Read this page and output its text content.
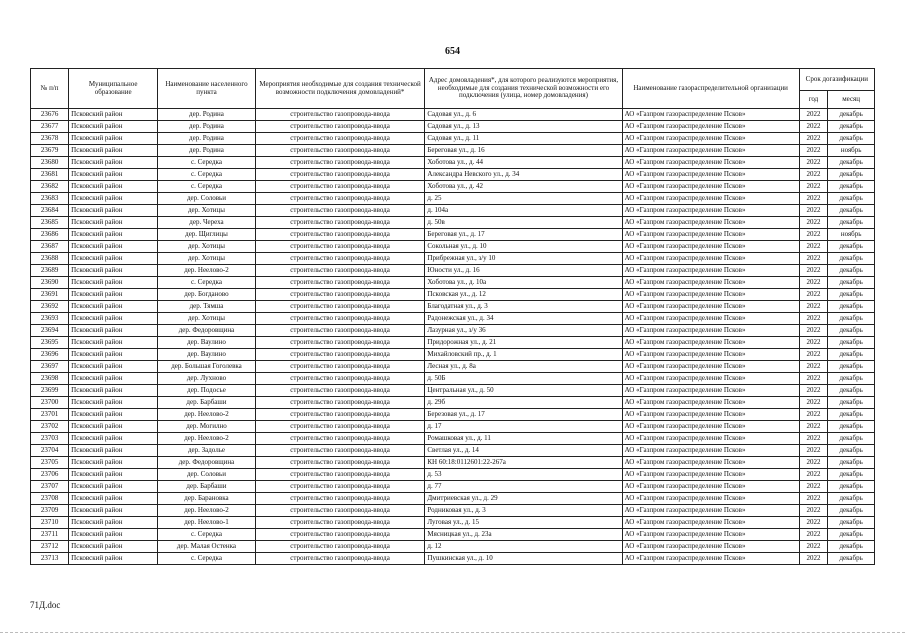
654
№ п/п	Муниципальное образование	Наименование населенного пункта	Мероприятия необходимые для создания технической возможности подключения домовладений*	Адрес домовладения*, для которого реализуются мероприятия, необходимые для создания технической возможности его подключения (улица, номер домовладения)	Наименование газораспределительной организации	Срок догазификации	
						год	месяц
23676	Псковский район	дер. Родина	строительство газопровода-ввода	Садовая ул., д. 6	АО «Газпром газораспределение Псков»	2022	декабрь
23677	Псковский район	дер. Родина	строительство газопровода-ввода	Садовая ул., д. 13	АО «Газпром газораспределение Псков»	2022	декабрь
23678	Псковский район	дер. Родина	строительство газопровода-ввода	Садовая ул., д. 11	АО «Газпром газораспределение Псков»	2022	декабрь
23679	Псковский район	дер. Родина	строительство газопровода-ввода	Береговая ул., д. 16	АО «Газпром газораспределение Псков»	2022	ноябрь
23680	Псковский район	с. Середка	строительство газопровода-ввода	Хоботова ул., д. 44	АО «Газпром газораспределение Псков»	2022	декабрь
23681	Псковский район	с. Середка	строительство газопровода-ввода	Александра Невского ул., д. 34	АО «Газпром газораспределение Псков»	2022	декабрь
23682	Псковский район	с. Середка	строительство газопровода-ввода	Хоботова ул., д. 42	АО «Газпром газораспределение Псков»	2022	декабрь
23683	Псковский район	дер. Соловьи	строительство газопровода-ввода	д. 25	АО «Газпром газораспределение Псков»	2022	декабрь
23684	Псковский район	дер. Хотицы	строительство газопровода-ввода	д. 104а	АО «Газпром газораспределение Псков»	2022	декабрь
23685	Псковский район	дер. Череха	строительство газопровода-ввода	д. 50в	АО «Газпром газораспределение Псков»	2022	декабрь
23686	Псковский район	дер. Щиглицы	строительство газопровода-ввода	Береговая ул., д. 17	АО «Газпром газораспределение Псков»	2022	ноябрь
23687	Псковский район	дер. Хотицы	строительство газопровода-ввода	Сокольная ул., д. 10	АО «Газпром газораспределение Псков»	2022	декабрь
23688	Псковский район	дер. Хотицы	строительство газопровода-ввода	Прибрежная ул., з/у 10	АО «Газпром газораспределение Псков»	2022	декабрь
23689	Псковский район	дер. Неелово-2	строительство газопровода-ввода	Юности ул., д. 16	АО «Газпром газораспределение Псков»	2022	декабрь
23690	Псковский район	с. Середка	строительство газопровода-ввода	Хоботова ул., д. 10а	АО «Газпром газораспределение Псков»	2022	декабрь
23691	Псковский район	дер. Богданово	строительство газопровода-ввода	Псковская ул., д. 12	АО «Газпром газораспределение Псков»	2022	декабрь
23692	Псковский район	дер. Тямша	строительство газопровода-ввода	Благодатная ул., д. 3	АО «Газпром газораспределение Псков»	2022	декабрь
23693	Псковский район	дер. Хотицы	строительство газопровода-ввода	Радонежская ул., д. 34	АО «Газпром газораспределение Псков»	2022	декабрь
23694	Псковский район	дер. Федоровщина	строительство газопровода-ввода	Лазурная ул., з/у 36	АО «Газпром газораспределение Псков»	2022	декабрь
23695	Псковский район	дер. Ваулино	строительство газопровода-ввода	Придорожная ул., д. 21	АО «Газпром газораспределение Псков»	2022	декабрь
23696	Псковский район	дер. Ваулино	строительство газопровода-ввода	Михайловский пр., д. 1	АО «Газпром газораспределение Псков»	2022	декабрь
23697	Псковский район	дер. Большая Гоголевка	строительство газопровода-ввода	Лесная ул., д. 8а	АО «Газпром газораспределение Псков»	2022	декабрь
23698	Псковский район	дер. Лухново	строительство газопровода-ввода	д. 50Б	АО «Газпром газораспределение Псков»	2022	декабрь
23699	Псковский район	дер. Подосье	строительство газопровода-ввода	Центральная ул., д. 50	АО «Газпром газораспределение Псков»	2022	декабрь
23700	Псковский район	дер. Барбаши	строительство газопровода-ввода	д. 29б	АО «Газпром газораспределение Псков»	2022	декабрь
23701	Псковский район	дер. Неелово-2	строительство газопровода-ввода	Березовая ул., д. 17	АО «Газпром газораспределение Псков»	2022	декабрь
23702	Псковский район	дер. Могилно	строительство газопровода-ввода	д. 17	АО «Газпром газораспределение Псков»	2022	декабрь
23703	Псковский район	дер. Неелово-2	строительство газопровода-ввода	Ромашковая ул., д. 11	АО «Газпром газораспределение Псков»	2022	декабрь
23704	Псковский район	дер. Задолье	строительство газопровода-ввода	Светлая ул., д. 14	АО «Газпром газораспределение Псков»	2022	декабрь
23705	Псковский район	дер. Федоровщина	строительство газопровода-ввода	КН 60:18:0112601:22-267а	АО «Газпром газораспределение Псков»	2022	декабрь
23706	Псковский район	дер. Соловьи	строительство газопровода-ввода	д. 53	АО «Газпром газораспределение Псков»	2022	декабрь
23707	Псковский район	дер. Барбаши	строительство газопровода-ввода	д. 77	АО «Газпром газораспределение Псков»	2022	декабрь
23708	Псковский район	дер. Барановка	строительство газопровода-ввода	Дмитриевская ул., д. 29	АО «Газпром газораспределение Псков»	2022	декабрь
23709	Псковский район	дер. Неелово-2	строительство газопровода-ввода	Родниковая ул., д. 3	АО «Газпром газораспределение Псков»	2022	декабрь
23710	Псковский район	дер. Неелово-1	строительство газопровода-ввода	Луговая ул., д. 15	АО «Газпром газораспределение Псков»	2022	декабрь
23711	Псковский район	с. Середка	строительство газопровода-ввода	Мясницкая ул., д. 23а	АО «Газпром газораспределение Псков»	2022	декабрь
23712	Псковский район	дер. Малая Остенка	строительство газопровода-ввода	д. 12	АО «Газпром газораспределение Псков»	2022	декабрь
23713	Псковский район	с. Середка	строительство газопровода-ввода	Пушкинская ул., д. 10	АО «Газпром газораспределение Псков»	2022	декабрь
71Д.doc
